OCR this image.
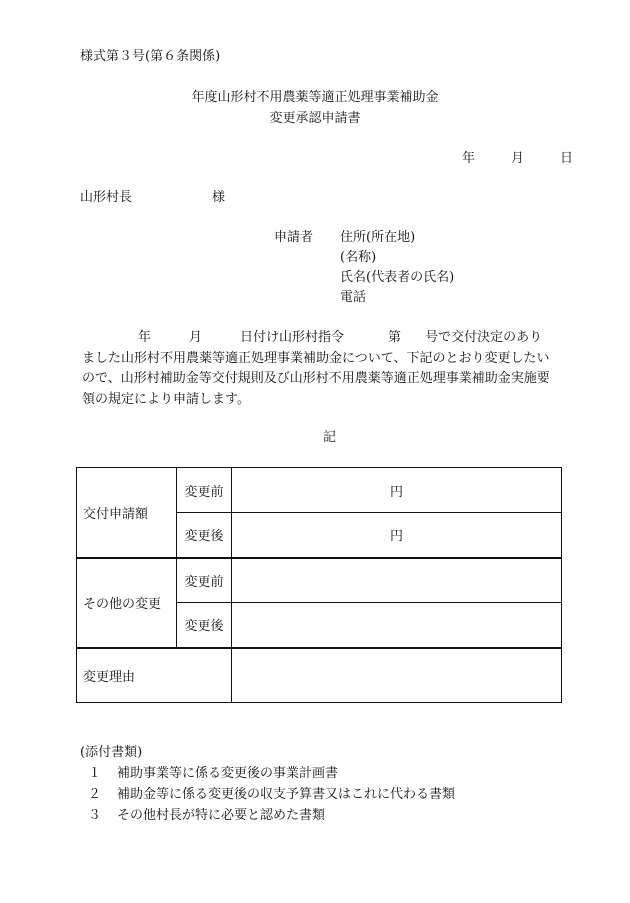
様式第３号(第６条関係)
年度山形村不用農薬等適正処理事業補助金
変更承認申請書
年	月	日
山形村長	様
申請者 住所(所在地)
(名称)
氏名(代表者の氏名)
電話
年	月	日付け山形村指令	第 号で交付決定のあり
ました山形村不用農薬等適正処理事業補助金について、下記のとおり変更したい
ので、山形村補助金等交付規則及び山形村不用農薬等適正処理事業補助金実施要
領の規定により申請します。
記
交付申請額	変更前	円
	変更後	円
その他の変更	変更前	
	変更後	
変更理由		
(添付書類)
１ 補助事業等に係る変更後の事業計画書
２ 補助金等に係る変更後の収支予算書又はこれに代わる書類
３ その他村長が特に必要と認めた書類
